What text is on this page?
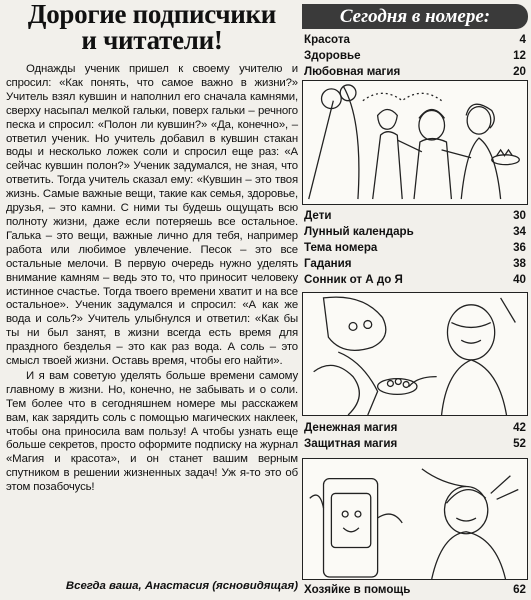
Дорогие подписчики
и читатели!

Однажды ученик пришел к своему учителю и спросил: «Как понять, что самое важно в жизни?» Учитель взял кувшин и наполнил его сначала камнями, сверху насыпал мелкой гальки, поверх гальки – речного песка и спросил: «Полон ли кувшин?» «Да, конечно», – ответил ученик. Но учитель добавил в кувшин стакан воды и несколько ложек соли и спросил еще раз: «А сейчас кувшин полон?» Ученик задумался, не зная, что ответить. Тогда учитель сказал ему: «Кувшин – это твоя жизнь. Самые важные вещи, такие как семья, здоровье, друзья, – это камни. С ними ты будешь ощущать всю полноту жизни, даже если потеряешь все остальное. Галька – это вещи, важные лично для тебя, например работа или любимое увлечение. Песок – это все остальные мелочи. В первую очередь нужно уделять внимание камням – ведь это то, что приносит человеку истинное счастье. Тогда твоего времени хватит и на все остальное». Ученик задумался и спросил: «А как же вода и соль?» Учитель улыбнулся и ответил: «Как бы ты ни был занят, в жизни всегда есть время для праздного безделья – это как раз вода. А соль – это смысл твоей жизни. Оставь время, чтобы его найти».

И я вам советую уделять больше времени самому главному в жизни. Но, конечно, не забывать и о соли. Тем более что в сегодняшнем номере мы расскажем вам, как зарядить соль с помощью магических наклеек, чтобы она приносила вам пользу! А чтобы узнать еще больше секретов, просто оформите подписку на журнал «Магия и красота», и он станет вашим верным спутником в решении жизненных задач! Уж я-то это об этом позабочусь!

Всегда ваша, Анастасия (ясновидящая)
Сегодня в номере:
Красота	4
Здоровье	12
Любовная магия	20
Дети	30
Лунный календарь	34
Тема номера	36
Гадания	38
Сонник от А до Я	40
Денежная магия	42
Защитная магия	52
Хозяйке в помощь	62
